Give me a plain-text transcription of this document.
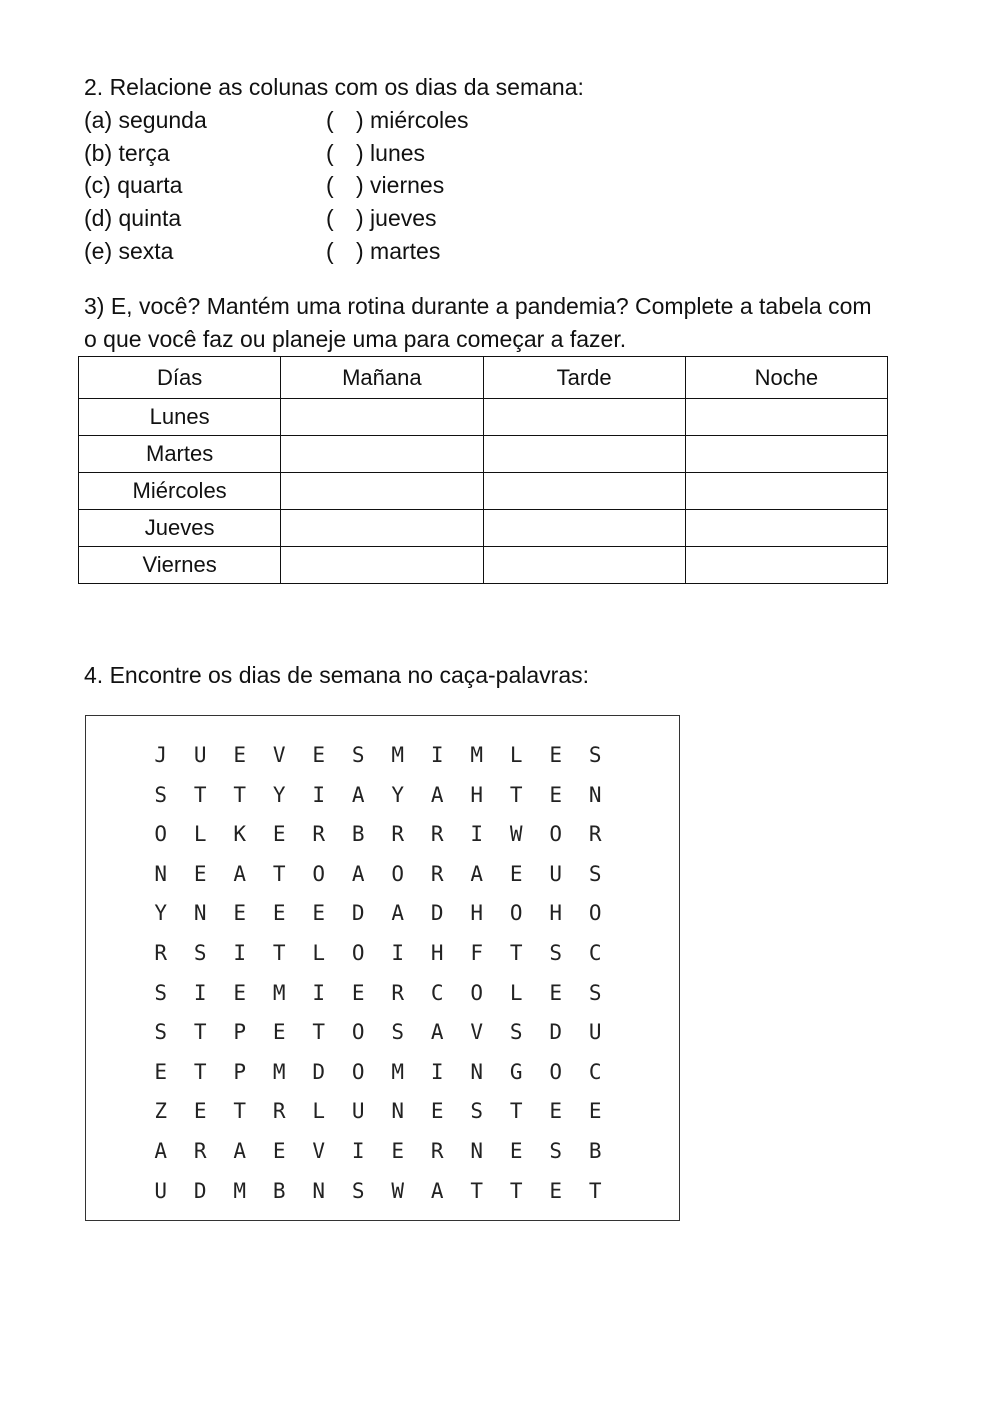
2. Relacione as colunas com os dias da semana:
(a) segunda	( ) miércoles
(b) terça	( ) lunes
(c) quarta	( ) viernes
(d) quinta	( ) jueves
(e) sexta	( ) martes
3) E, você? Mantém uma rotina durante a pandemia? Complete a tabela com
o que você faz ou planeje uma para começar a fazer.
Días	Mañana	Tarde	Noche
Lunes			
Martes			
Miércoles			
Jueves			
Viernes			
4. Encontre os dias de semana no caça-palavras:
J	U	E	V	E	S	M	I	M	L	E	S
S	T	T	Y	I	A	Y	A	H	T	E	N
O	L	K	E	R	B	R	R	I	W	O	R
N	E	A	T	O	A	O	R	A	E	U	S
Y	N	E	E	E	D	A	D	H	O	H	O
R	S	I	T	L	O	I	H	F	T	S	C
S	I	E	M	I	E	R	C	O	L	E	S
S	T	P	E	T	O	S	A	V	S	D	U
E	T	P	M	D	O	M	I	N	G	O	C
Z	E	T	R	L	U	N	E	S	T	E	E
A	R	A	E	V	I	E	R	N	E	S	B
U	D	M	B	N	S	W	A	T	T	E	T
